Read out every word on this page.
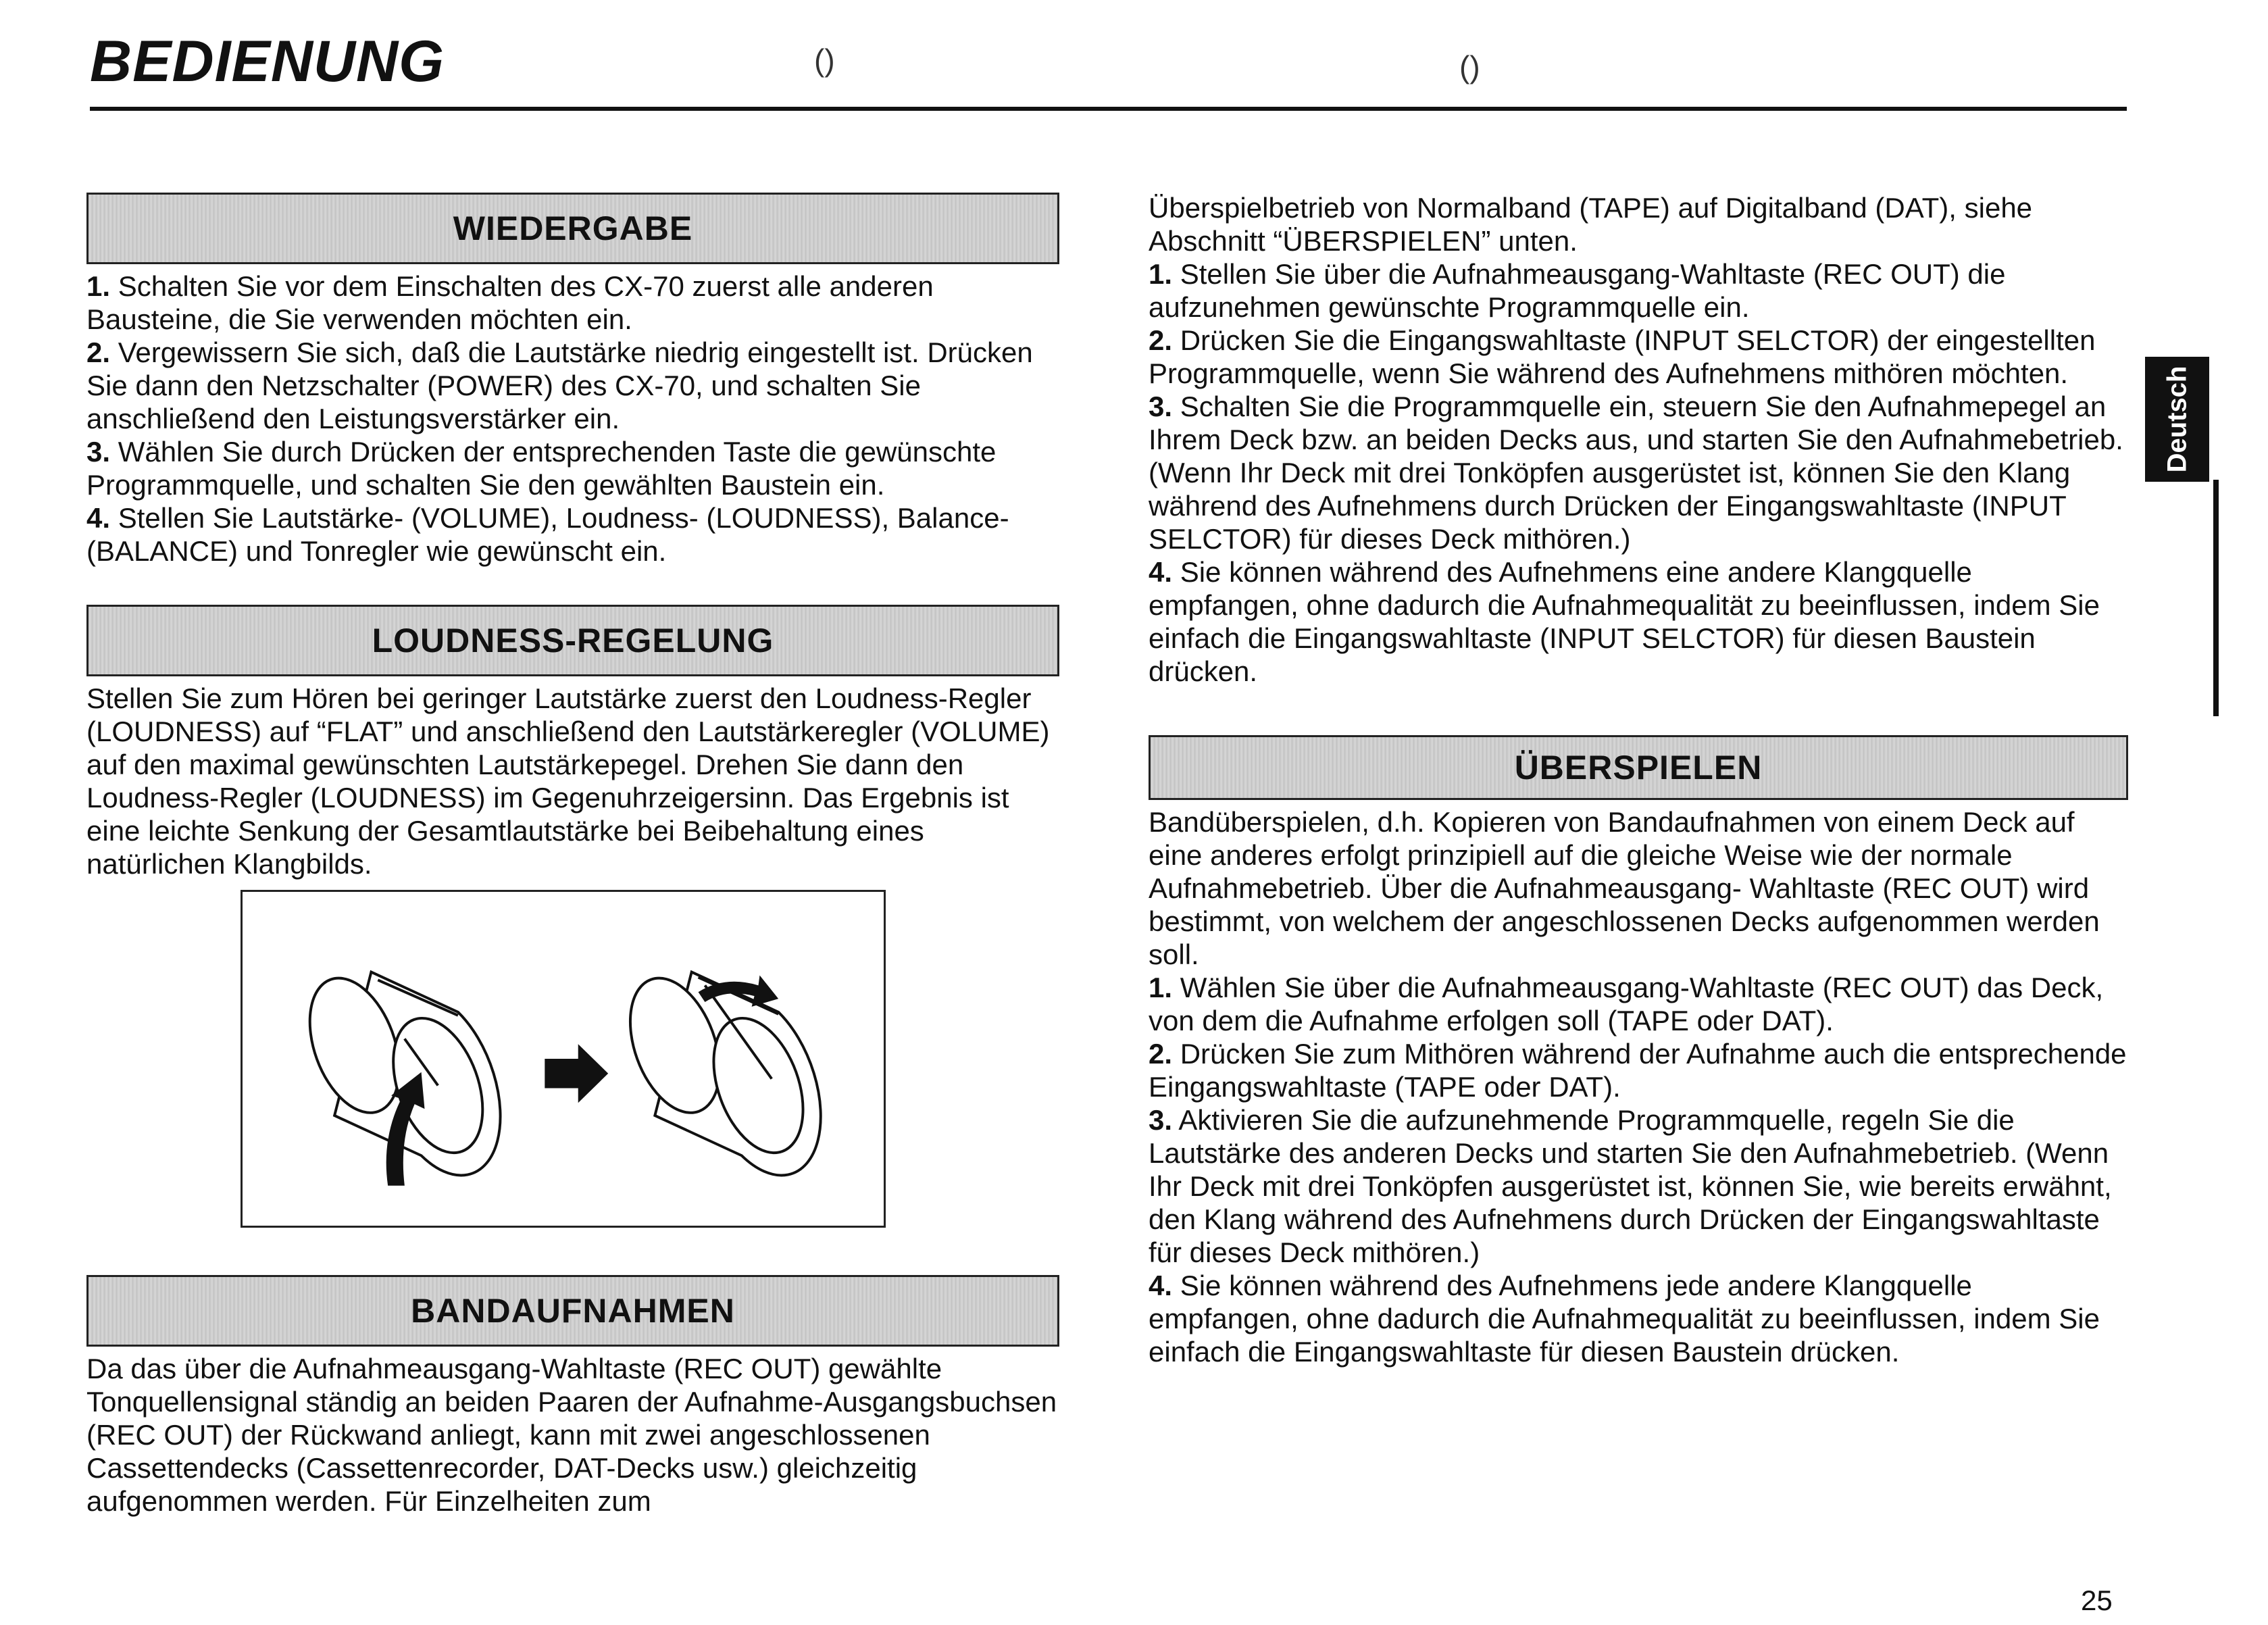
BEDIENUNG	()	()
WIEDERGABE

1. Schalten Sie vor dem Einschalten des CX-70 zuerst alle anderen Bausteine, die Sie verwenden möchten ein.

2. Vergewissern Sie sich, daß die Lautstärke niedrig eingestellt ist. Drücken Sie dann den Netzschalter (POWER) des CX-70, und schalten Sie anschließend den Leistungsverstärker ein.

3. Wählen Sie durch Drücken der entsprechenden Taste die gewünschte Programmquelle, und schalten Sie den gewählten Baustein ein.

4. Stellen Sie Lautstärke- (VOLUME), Loudness- (LOUDNESS), Balance- (BALANCE) und Tonregler wie gewünscht ein.

LOUDNESS-REGELUNG

Stellen Sie zum Hören bei geringer Lautstärke zuerst den Loudness-Regler (LOUDNESS) auf “FLAT” und anschließend den Lautstärkeregler (VOLUME) auf den maximal gewünschten Lautstärkepegel. Drehen Sie dann den Loudness-Regler (LOUDNESS) im Gegenuhrzeigersinn. Das Ergebnis ist eine leichte Senkung der Gesamtlautstärke bei Beibehaltung eines natürlichen Klangbilds.

BANDAUFNAHMEN

Da das über die Aufnahmeausgang-Wahltaste (REC OUT) gewählte Tonquellensignal ständig an beiden Paaren der Aufnahme-Ausgangsbuchsen (REC OUT) der Rückwand anliegt, kann mit zwei angeschlossenen Cassettendecks (Cassettenrecorder, DAT-Decks usw.) gleichzeitig aufgenommen werden. Für Einzelheiten zum

Überspielbetrieb von Normalband (TAPE) auf Digitalband (DAT), siehe Abschnitt “ÜBERSPIELEN” unten.

1. Stellen Sie über die Aufnahmeausgang-Wahltaste (REC OUT) die aufzunehmen gewünschte Programmquelle ein.

2. Drücken Sie die Eingangswahltaste (INPUT SELCTOR) der eingestellten Programmquelle, wenn Sie während des Aufnehmens mithören möchten.

3. Schalten Sie die Programmquelle ein, steuern Sie den Aufnahmepegel an Ihrem Deck bzw. an beiden Decks aus, und starten Sie den Aufnahmebetrieb. (Wenn Ihr Deck mit drei Tonköpfen ausgerüstet ist, können Sie den Klang während des Aufnehmens durch Drücken der Eingangswahltaste (INPUT SELCTOR) für dieses Deck mithören.)

4. Sie können während des Aufnehmens eine andere Klangquelle empfangen, ohne dadurch die Aufnahmequalität zu beeinflussen, indem Sie einfach die Eingangswahltaste (INPUT SELCTOR) für diesen Baustein drücken.

ÜBERSPIELEN

Bandüberspielen, d.h. Kopieren von Bandaufnahmen von einem Deck auf eine anderes erfolgt prinzipiell auf die gleiche Weise wie der normale Aufnahmebetrieb. Über die Aufnahmeausgang- Wahltaste (REC OUT) wird bestimmt, von welchem der angeschlossenen Decks aufgenommen werden soll.

1. Wählen Sie über die Aufnahmeausgang-Wahltaste (REC OUT) das Deck, von dem die Aufnahme erfolgen soll (TAPE oder DAT).

2. Drücken Sie zum Mithören während der Aufnahme auch die entsprechende Eingangswahltaste (TAPE oder DAT).

3. Aktivieren Sie die aufzunehmende Programmquelle, regeln Sie die Lautstärke des anderen Decks und starten Sie den Aufnahmebetrieb. (Wenn Ihr Deck mit drei Tonköpfen ausgerüstet ist, können Sie, wie bereits erwähnt, den Klang während des Aufnehmens durch Drücken der Eingangswahltaste für dieses Deck mithören.)

4. Sie können während des Aufnehmens jede andere Klangquelle empfangen, ohne dadurch die Aufnahmequalität zu beeinflussen, indem Sie einfach die Eingangswahltaste für diesen Baustein drücken.

Deutsch
25
